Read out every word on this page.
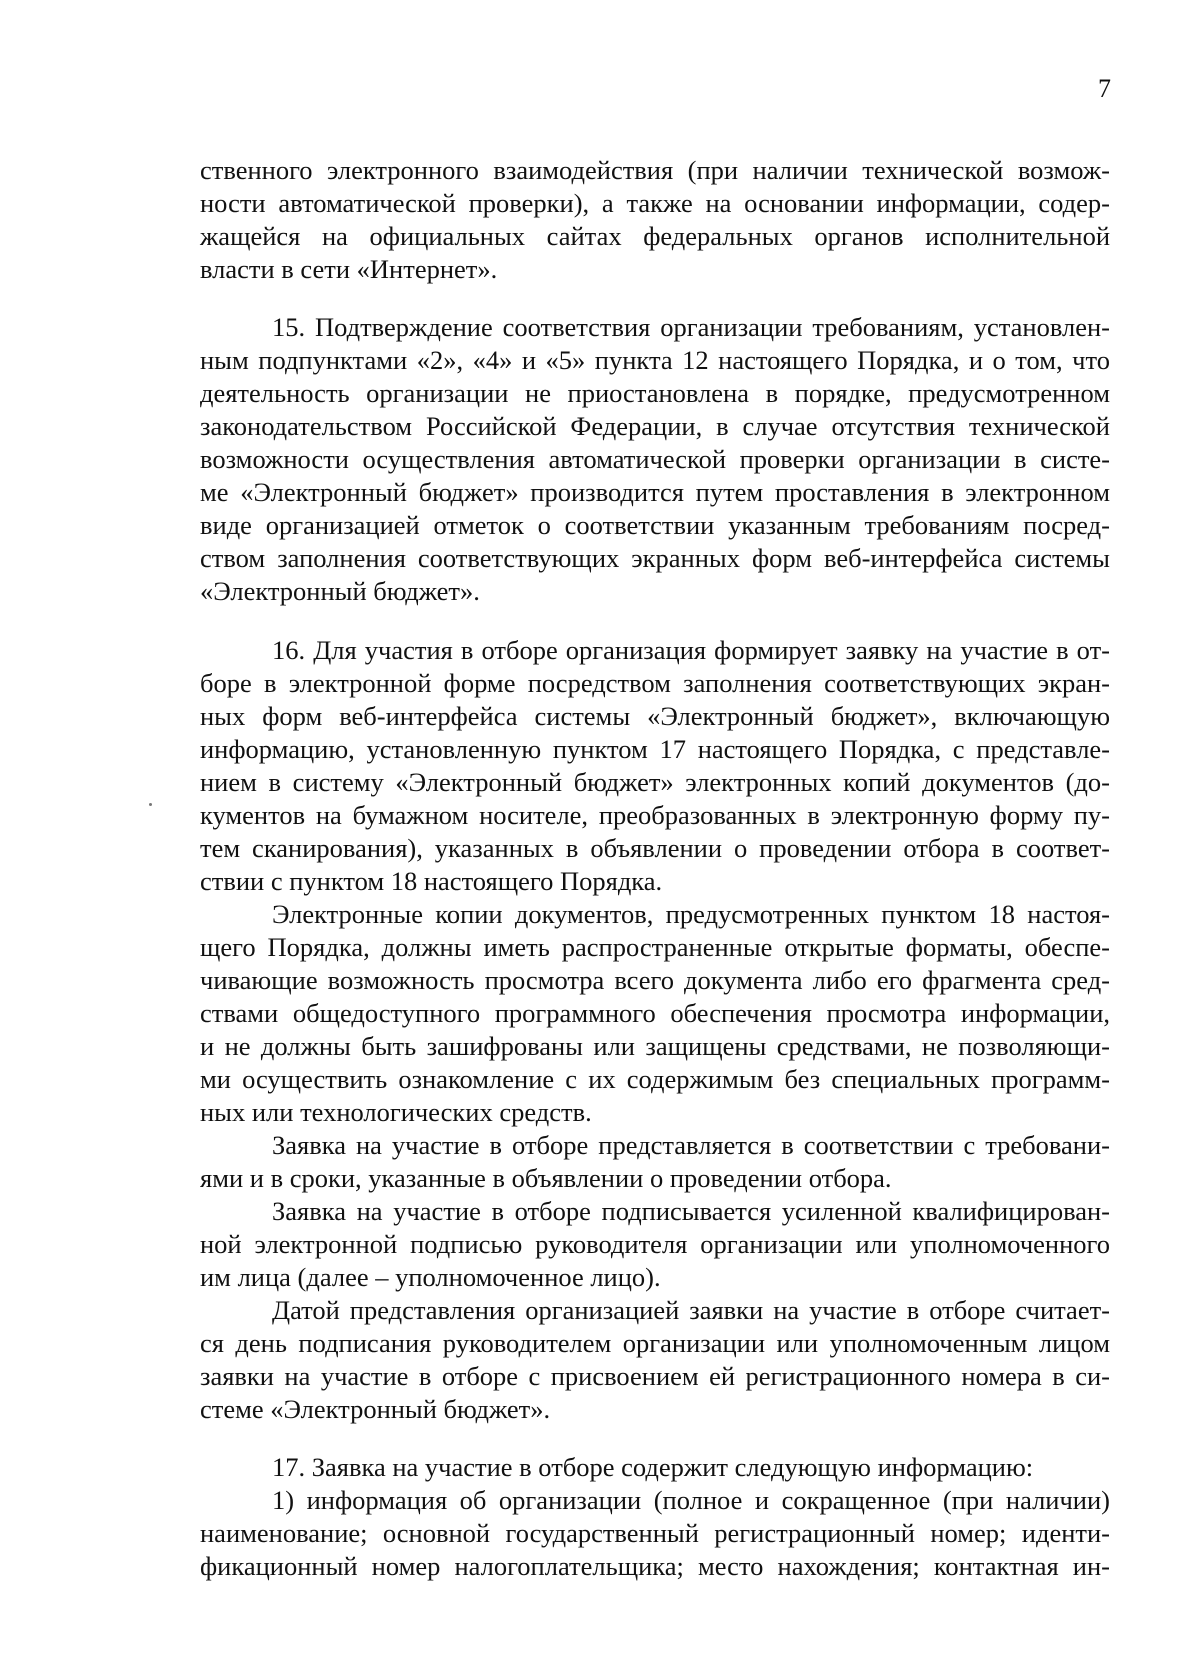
7
ственного электронного взаимодействия (при наличии технической возмож-
ности автоматической проверки), а также на основании информации, содер-
жащейся на официальных сайтах федеральных органов исполнительной
власти в сети «Интернет».
15. Подтверждение соответствия организации требованиям, установлен-
ным подпунктами «2», «4» и «5» пункта 12 настоящего Порядка, и о том, что
деятельность организации не приостановлена в порядке, предусмотренном
законодательством Российской Федерации, в случае отсутствия технической
возможности осуществления автоматической проверки организации в систе-
ме «Электронный бюджет» производится путем проставления в электронном
виде организацией отметок о соответствии указанным требованиям посред-
ством заполнения соответствующих экранных форм веб-интерфейса системы
«Электронный бюджет».
16. Для участия в отборе организация формирует заявку на участие в от-
боре в электронной форме посредством заполнения соответствующих экран-
ных форм веб-интерфейса системы «Электронный бюджет», включающую
информацию, установленную пунктом 17 настоящего Порядка, с представле-
нием в систему «Электронный бюджет» электронных копий документов (до-
кументов на бумажном носителе, преобразованных в электронную форму пу-
тем сканирования), указанных в объявлении о проведении отбора в соответ-
ствии с пунктом 18 настоящего Порядка.
Электронные копии документов, предусмотренных пунктом 18 настоя-
щего Порядка, должны иметь распространенные открытые форматы, обеспе-
чивающие возможность просмотра всего документа либо его фрагмента сред-
ствами общедоступного программного обеспечения просмотра информации,
и не должны быть зашифрованы или защищены средствами, не позволяющи-
ми осуществить ознакомление с их содержимым без специальных программ-
ных или технологических средств.
Заявка на участие в отборе представляется в соответствии с требовани-
ями и в сроки, указанные в объявлении о проведении отбора.
Заявка на участие в отборе подписывается усиленной квалифицирован-
ной электронной подписью руководителя организации или уполномоченного
им лица (далее – уполномоченное лицо).
Датой представления организацией заявки на участие в отборе считает-
ся день подписания руководителем организации или уполномоченным лицом
заявки на участие в отборе с присвоением ей регистрационного номера в си-
стеме «Электронный бюджет».
17. Заявка на участие в отборе содержит следующую информацию:
1) информация об организации (полное и сокращенное (при наличии)
наименование; основной государственный регистрационный номер; иденти-
фикационный номер налогоплательщика; место нахождения; контактная ин-
